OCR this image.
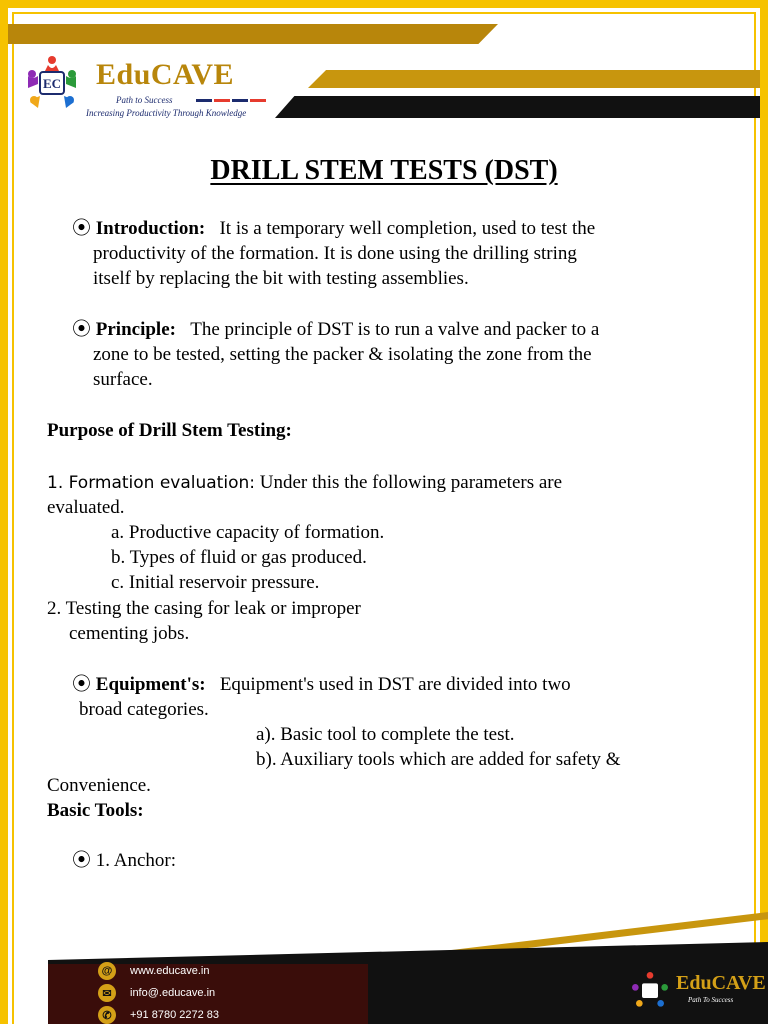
EC EduCAVE
Path to Success
Increasing Productivity Through Knowledge
DRILL STEM TESTS (DST)
⦿ Introduction: It is a temporary well completion, used to test the
productivity of the formation. It is done using the drilling string
itself by replacing the bit with testing assemblies.
⦿ Principle: The principle of DST is to run a valve and packer to a
zone to be tested, setting the packer & isolating the zone from the
surface.
Purpose of Drill Stem Testing:
1. Formation evaluation: Under this the following parameters are
evaluated.
a. Productive capacity of formation.
b. Types of fluid or gas produced.
c. Initial reservoir pressure.
2. Testing the casing for leak or improper
cementing jobs.
⦿ Equipment's: Equipment's used in DST are divided into two
broad categories.
a). Basic tool to complete the test.
b). Auxiliary tools which are added for safety &
Convenience.
Basic Tools:
⦿ 1. Anchor:
@	www.educave.in
✉	info@.educave.in
✆	+91 8780 2272 83
EduCAVE
Path To Success
